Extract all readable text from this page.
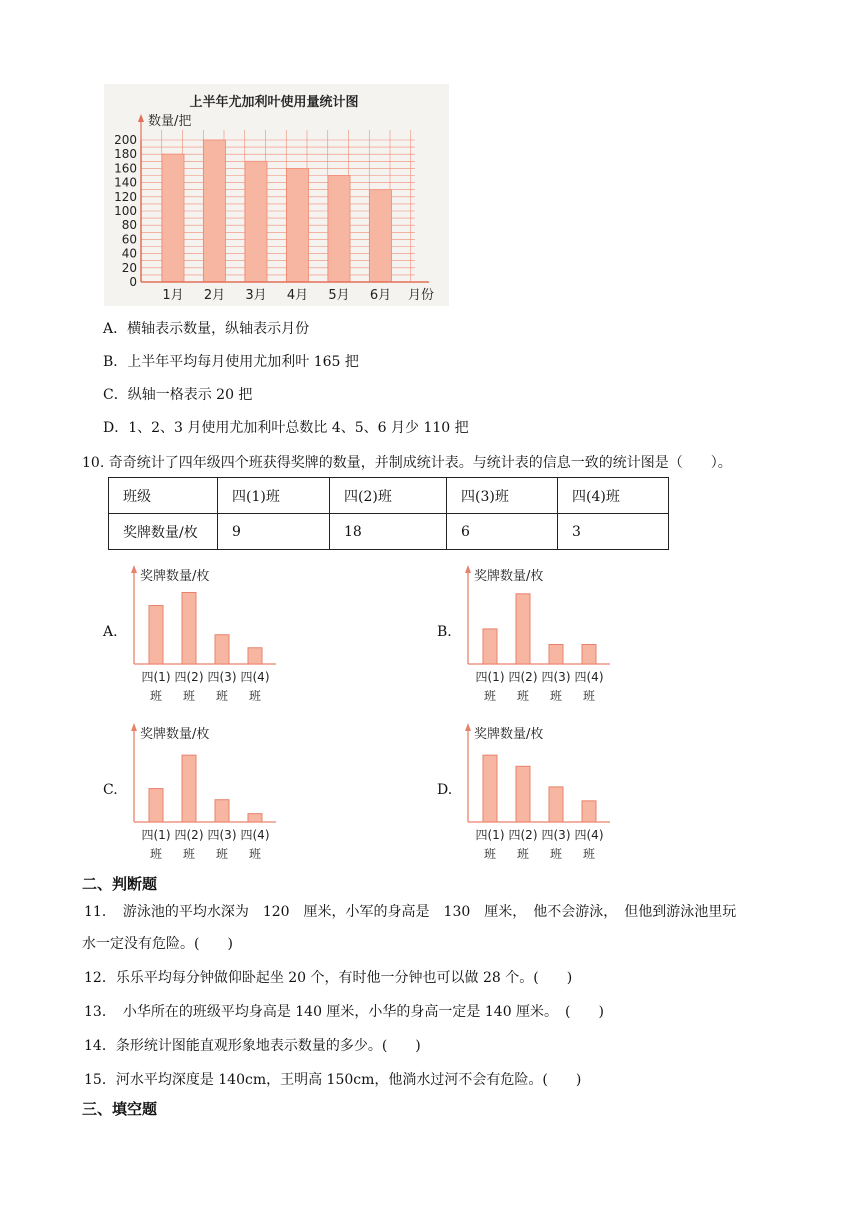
上半年尤加利叶使用量统计图
数量/把
月份
0
20
40
60
80
100
120
140
160
180
200
1月 2月 3月 4月 5月 6月
A．横轴表示数量，纵轴表示月份
B．上半年平均每月使用尤加利叶 165 把
C．纵轴一格表示 20 把
D．1、2、3 月使用尤加利叶总数比 4、5、6 月少 110 把
10. 奇奇统计了四年级四个班获得奖牌的数量，并制成统计表。与统计表的信息一致的统计图是（　　）。
班级	四(1)班	四(2)班	四(3)班	四(4)班
奖牌数量/枚	9	18	6	3
A.	B.
C.	D.
奖牌数量/枚
四(1)
班
四(2)
班
四(3)
班
四(4)
班
奖牌数量/枚
四(1)
班
四(2)
班
四(3)
班
四(4)
班
奖牌数量/枚
四(1)
班
四(2)
班
四(3)
班
四(4)
班
奖牌数量/枚
四(1)
班
四(2)
班
四(3)
班
四(4)
班
二、判断题
11．　游泳池的平均水深为　120　厘米，小军的身高是　130　厘米，　他不会游泳，　但他到游泳池里玩
水一定没有危险。(　　)
12．乐乐平均每分钟做仰卧起坐 20 个，有时他一分钟也可以做 28 个。(　　)
13．　小华所在的班级平均身高是 140 厘米，小华的身高一定是 140 厘米。　(　　)
14．条形统计图能直观形象地表示数量的多少。(　　)
15．河水平均深度是 140cm，王明高 150cm，他淌水过河不会有危险。(　　)
三、填空题
